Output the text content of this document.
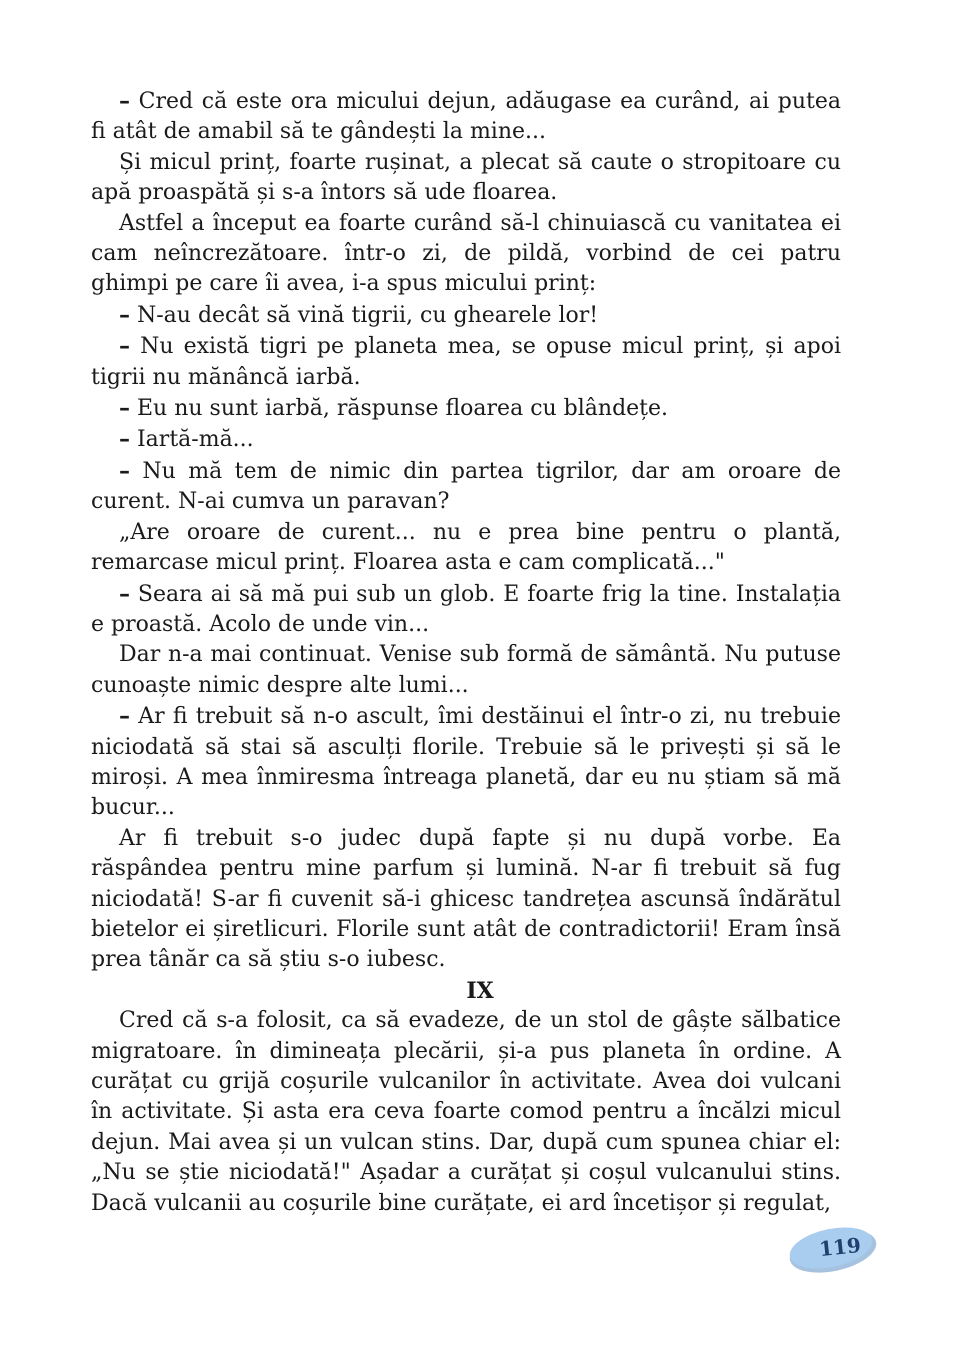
– Cred că este ora micului dejun, adăugase ea curând, ai putea fi atât de amabil să te gândești la mine...

Și micul prinț, foarte rușinat, a plecat să caute o stropitoare cu apă proaspătă și s-a întors să ude floarea.

Astfel a început ea foarte curând să-l chinuiască cu vanitatea ei cam neîncrezătoare. într-o zi, de pildă, vorbind de cei patru ghimpi pe care îi avea, i-a spus micului prinț:

– N-au decât să vină tigrii, cu ghearele lor!

– Nu există tigri pe planeta mea, se opuse micul prinț, și apoi tigrii nu mănâncă iarbă.

– Eu nu sunt iarbă, răspunse floarea cu blândețe.

– Iartă-mă...

– Nu mă tem de nimic din partea tigrilor, dar am oroare de curent. N-ai cumva un paravan?

„Are oroare de curent... nu e prea bine pentru o plantă, remarcase micul prinț. Floarea asta e cam complicată..."

– Seara ai să mă pui sub un glob. E foarte frig la tine. Instalația e proastă. Acolo de unde vin...

Dar n-a mai continuat. Venise sub formă de sământă. Nu putuse cunoaște nimic despre alte lumi...

– Ar fi trebuit să n-o ascult, îmi destăinui el într-o zi, nu trebuie niciodată să stai să asculți florile. Trebuie să le privești și să le miroși. A mea înmiresma întreaga planetă, dar eu nu știam să mă bucur...

Ar fi trebuit s-o judec după fapte și nu după vorbe. Ea răspândea pentru mine parfum și lumină. N-ar fi trebuit să fug niciodată! S-ar fi cuvenit să-i ghicesc tandrețea ascunsă îndărătul bietelor ei șiretlicuri. Florile sunt atât de contradictorii! Eram însă prea tânăr ca să știu s-o iubesc.

IX

Cred că s-a folosit, ca să evadeze, de un stol de gâște sălbatice migratoare. în dimineața plecării, și-a pus planeta în ordine. A curățat cu grijă coșurile vulcanilor în activitate. Avea doi vulcani în activitate. Și asta era ceva foarte comod pentru a încălzi micul dejun. Mai avea și un vulcan stins. Dar, după cum spunea chiar el: „Nu se știe niciodată!" Așadar a curățat și coșul vulcanului stins. Dacă vulcanii au coșurile bine curățate, ei ard încetișor și regulat,

119
